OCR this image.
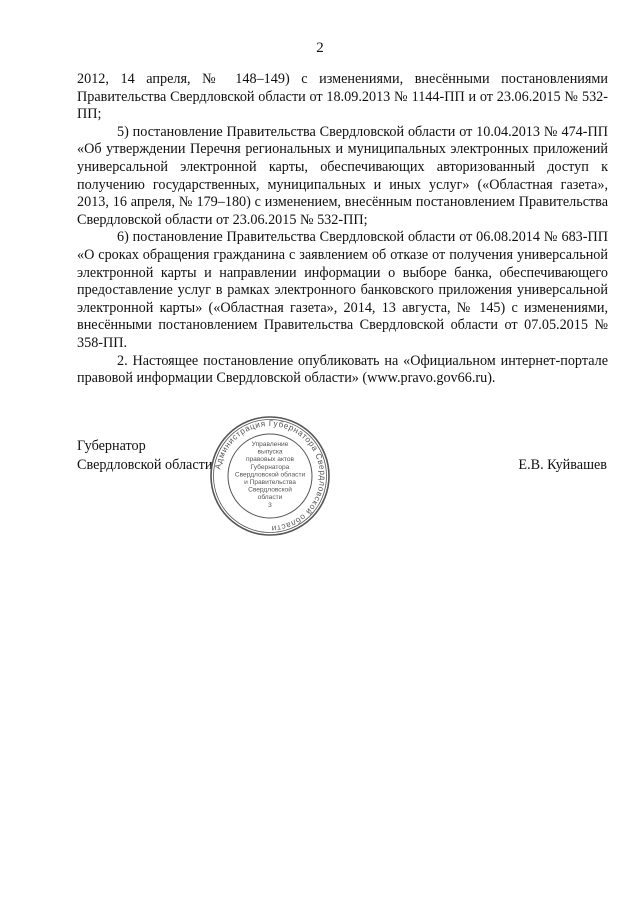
2

2012, 14 апреля, № 148–149) с изменениями, внесёнными постановлениями Правительства Свердловской области от 18.09.2013 № 1144-ПП и от 23.06.2015 № 532-ПП;

5) постановление Правительства Свердловской области от 10.04.2013 № 474-ПП «Об утверждении Перечня региональных и муниципальных электронных приложений универсальной электронной карты, обеспечивающих авторизованный доступ к получению государственных, муниципальных и иных услуг» («Областная газета», 2013, 16 апреля, № 179–180) с изменением, внесённым постановлением Правительства Свердловской области от 23.06.2015 № 532-ПП;

6) постановление Правительства Свердловской области от 06.08.2014 № 683-ПП «О сроках обращения гражданина с заявлением об отказе от получения универсальной электронной карты и направлении информации о выборе банка, обеспечивающего предоставление услуг в рамках электронного банковского приложения универсальной электронной карты» («Областная газета», 2014, 13 августа, № 145) с изменениями, внесёнными постановлением Правительства Свердловской области от 07.05.2015 № 358-ПП.

2. Настоящее постановление опубликовать на «Официальном интернет-портале правовой информации Свердловской области» (www.pravo.gov66.ru).

Губернатор
Свердловской области	Е.В. Куйвашев
Администрация Губернатора Свердловской области
Управление
выпуска
правовых актов
Губернатора
Свердловской области
и Правительства
Свердловской
области
3
